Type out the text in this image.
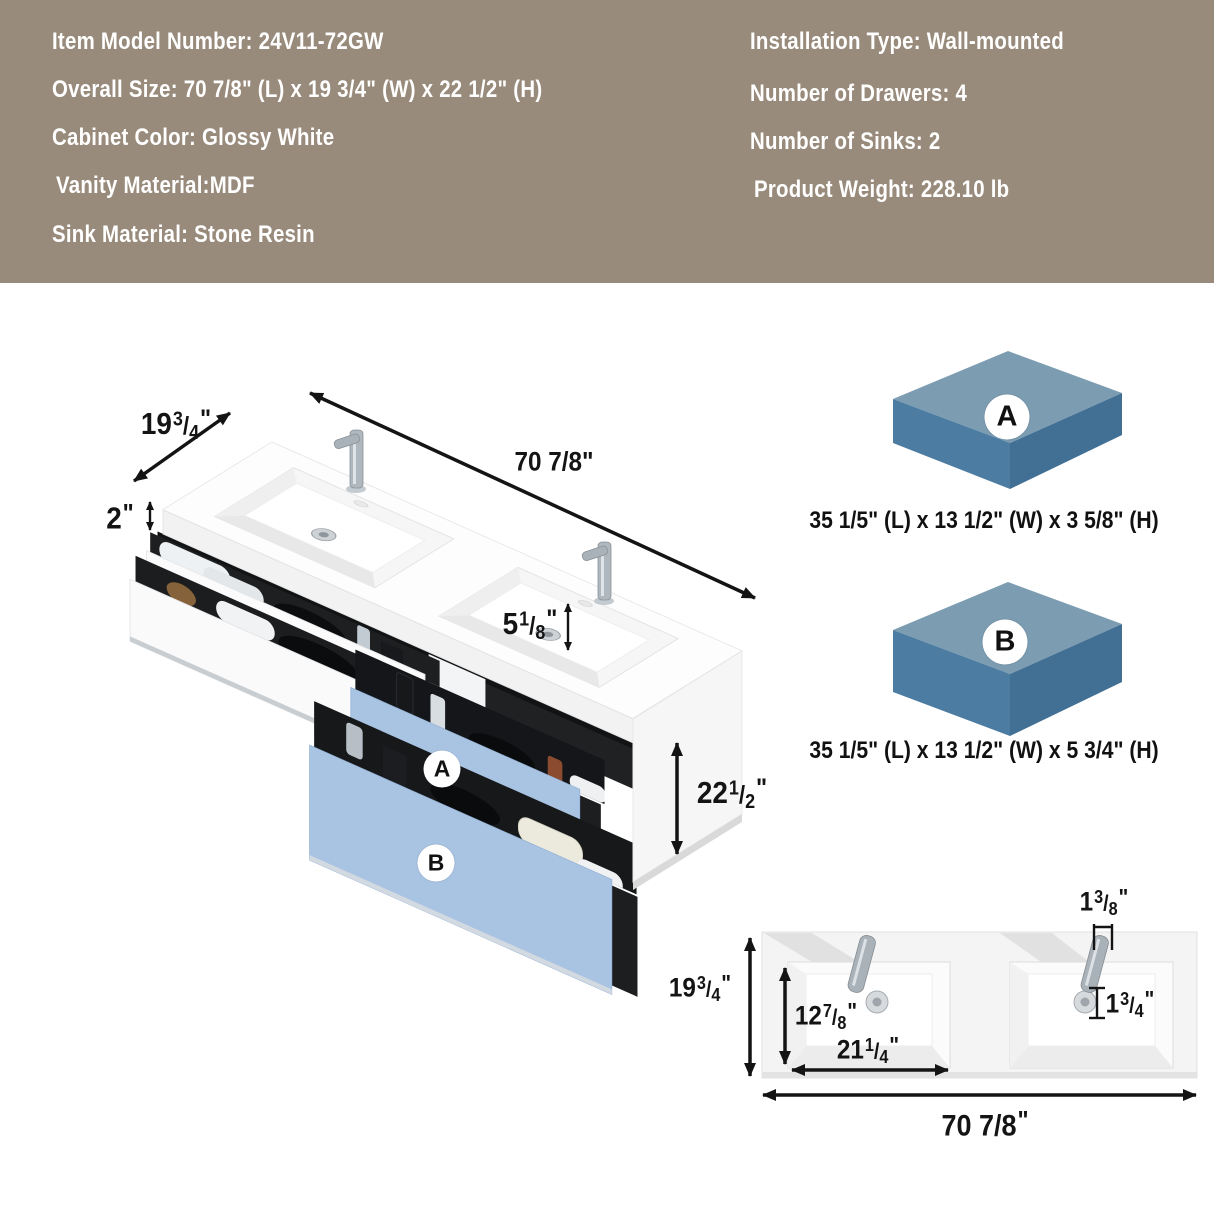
Item Model Number: 24V11-72GW
Overall Size: 70 7/8" (L) x 19 3/4" (W) x 22 1/2" (H)
Cabinet Color: Glossy White
Vanity Material:MDF
Sink Material: Stone Resin
Installation Type: Wall-mounted
Number of Drawers: 4
Number of Sinks: 2
Product Weight: 228.10 lb
$19^3/_4$"
2"
70 7/8"
$5^1/_8$"
$22^1/_2$"
A
B
A
B
35 1/5" (L) x 13 1/2" (W) x 3 5/8" (H)
35 1/5" (L) x 13 1/2" (W) x 5 3/4" (H)
$1^3/_8$"
$19^3/_4$"
$12^7/_8$"
$21^1/_4$"
$1^3/_4$"
70 7/8"
